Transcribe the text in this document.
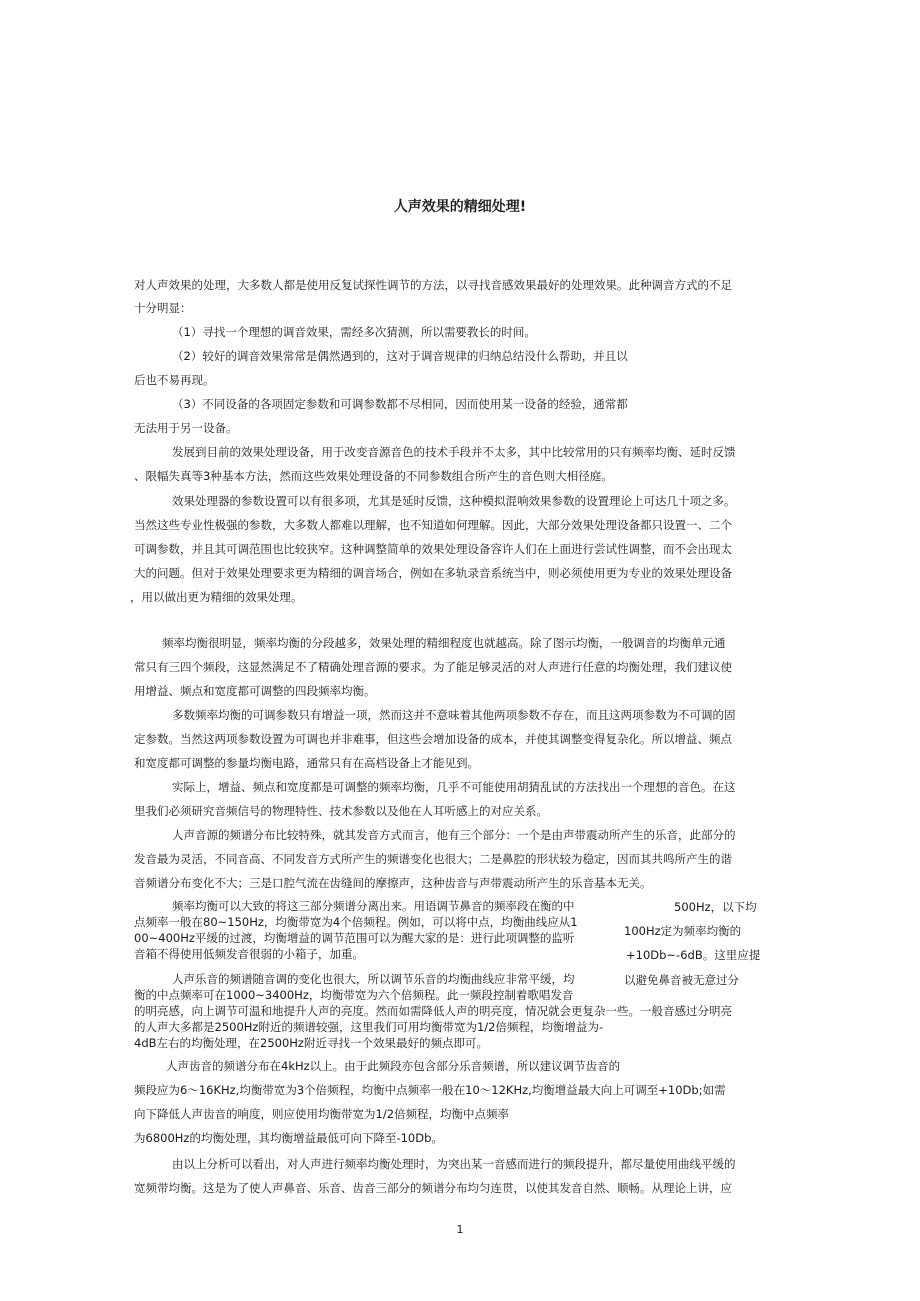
人声效果的精细处理!
对人声效果的处理，大多数人都是使用反复试探性调节的方法，以寻找音感效果最好的处理效果。此种调音方式的不足
十分明显：
（1）寻找一个理想的调音效果，需经多次猜测，所以需要教长的时间。
（2）较好的调音效果常常是偶然遇到的，这对于调音规律的归纳总结没什么帮助，并且以
后也不易再现。
（3）不同设备的各项固定参数和可调参数都不尽相同，因而使用某一设备的经验，通常都
无法用于另一设备。
发展到目前的效果处理设备，用于改变音源音色的技术手段并不太多，其中比较常用的只有频率均衡、延时反馈
、限幅失真等3种基本方法，然而这些效果处理设备的不同参数组合所产生的音色则大相径庭。
效果处理器的参数设置可以有很多项，尤其是延时反馈，这种模拟混响效果参数的设置理论上可达几十项之多。
当然这些专业性极强的参数，大多数人都难以理解，也不知道如何理解。因此，大部分效果处理设备都只设置一、二个
可调参数，并且其可调范围也比较狭窄。这种调整简单的效果处理设备容许人们在上面进行尝试性调整，而不会出现太
大的问题。但对于效果处理要求更为精细的调音场合，例如在多轨录音系统当中，则必须使用更为专业的效果处理设备
，用以做出更为精细的效果处理。
频率均衡很明显，频率均衡的分段越多，效果处理的精细程度也就越高。除了图示均衡，一般调音的均衡单元通
常只有三四个频段，这显然满足不了精确处理音源的要求。为了能足够灵活的对人声进行任意的均衡处理，我们建议使
用增益、频点和宽度都可调整的四段频率均衡。
多数频率均衡的可调参数只有增益一项，然而这并不意味着其他两项参数不存在，而且这两项参数为不可调的固
定参数。当然这两项参数设置为可调也并非难事，但这些会增加设备的成本，并使其调整变得复杂化。所以增益、频点
和宽度都可调整的参量均衡电路，通常只有在高档设备上才能见到。
实际上，增益、频点和宽度都是可调整的频率均衡，几乎不可能使用胡猜乱试的方法找出一个理想的音色。在这
里我们必须研究音频信号的物理特性、技术参数以及他在人耳听感上的对应关系。
人声音源的频谱分布比较特殊，就其发音方式而言，他有三个部分：一个是由声带震动所产生的乐音，此部分的
发音最为灵活，不同音高、不同发音方式所产生的频谱变化也很大；二是鼻腔的形状较为稳定，因而其共鸣所产生的谐
音频谱分布变化不大；三是口腔气流在齿缝间的摩擦声，这种齿音与声带震动所产生的乐音基本无关。
频率均衡可以大致的将这三部分频谱分离出来。用语调节鼻音的频率段在衡的中
点频率一般在80~150Hz，均衡带宽为4个倍频程。例如，可以将中点，均衡曲线应从1
00~400Hz平缓的过渡，均衡增益的调节范围可以为醒大家的是：进行此项调整的监听
音箱不得使用低频发音很弱的小箱子，加重。
500Hz，以下均
100Hz定为频率均衡的
+10Db~-6dB。这里应提
以避免鼻音被无意过分
人声乐音的频谱随音调的变化也很大，所以调节乐音的均衡曲线应非常平缓，均
衡的中点频率可在1000~3400Hz，均衡带宽为六个倍频程。此一频段控制着歌唱发音
的明亮感，向上调节可温和地提升人声的亮度。然而如需降低人声的明亮度，情况就会更复杂一些。一般音感过分明亮
的人声大多都是2500Hz附近的频谱较强，这里我们可用均衡带宽为1/2倍频程，均衡增益为-
4dB左右的均衡处理，在2500Hz附近寻找一个效果最好的频点即可。
人声齿音的频谱分布在4kHz以上。由于此频段亦包含部分乐音频谱，所以建议调节齿音的
频段应为6～16KHz,均衡带宽为3个倍频程，均衡中点频率一般在10～12KHz,均衡增益最大向上可调至+10Db;如需
向下降低人声齿音的响度，则应使用均衡带宽为1/2倍频程，均衡中点频率
为6800Hz的均衡处理，其均衡增益最低可向下降至-10Db。
由以上分析可以看出，对人声进行频率均衡处理时，为突出某一音感而进行的频段提升，都尽量使用曲线平缓的
宽频带均衡。这是为了使人声鼻音、乐音、齿音三部分的频谱分布均匀连贯，以使其发音自然、顺畅。从理论上讲，应
1
